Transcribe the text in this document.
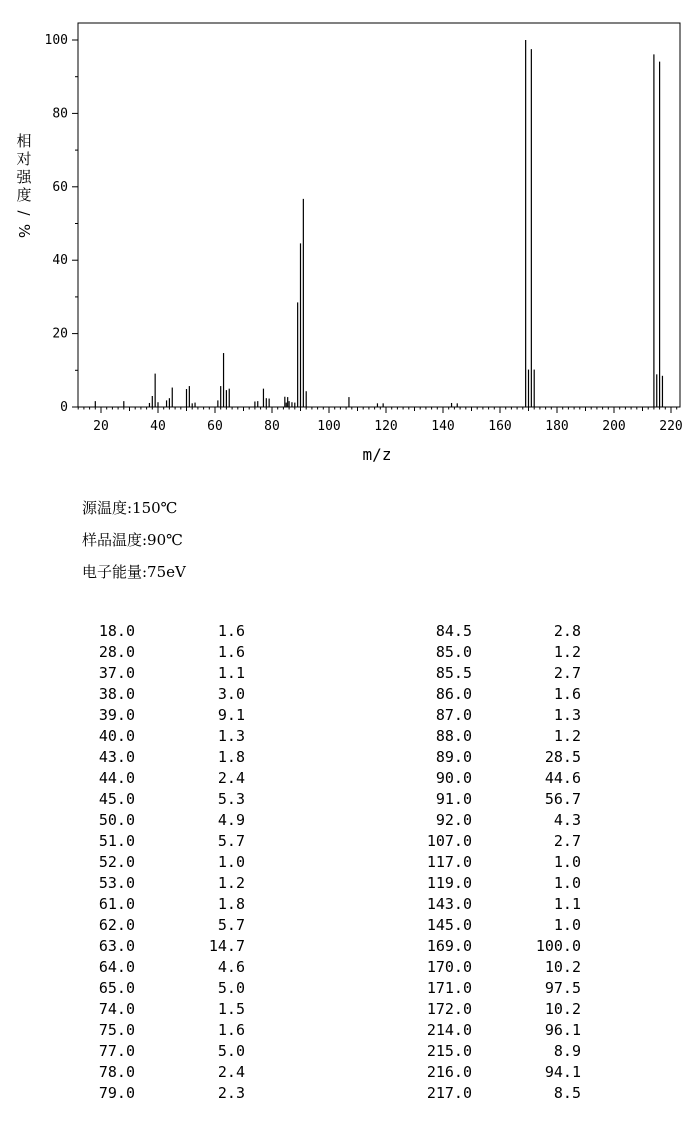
0
20
40
60
80
100
20	40	60	80	100	120	140	160	180	200	220
m/z
相
对
强
度
/
%
源温度:150℃
样品温度:90℃
电子能量:75eV
18.0	1.6	84.5	2.8
28.0	1.6	85.0	1.2
37.0	1.1	85.5	2.7
38.0	3.0	86.0	1.6
39.0	9.1	87.0	1.3
40.0	1.3	88.0	1.2
43.0	1.8	89.0	28.5
44.0	2.4	90.0	44.6
45.0	5.3	91.0	56.7
50.0	4.9	92.0	4.3
51.0	5.7	107.0	2.7
52.0	1.0	117.0	1.0
53.0	1.2	119.0	1.0
61.0	1.8	143.0	1.1
62.0	5.7	145.0	1.0
63.0	14.7	169.0	100.0
64.0	4.6	170.0	10.2
65.0	5.0	171.0	97.5
74.0	1.5	172.0	10.2
75.0	1.6	214.0	96.1
77.0	5.0	215.0	8.9
78.0	2.4	216.0	94.1
79.0	2.3	217.0	8.5
